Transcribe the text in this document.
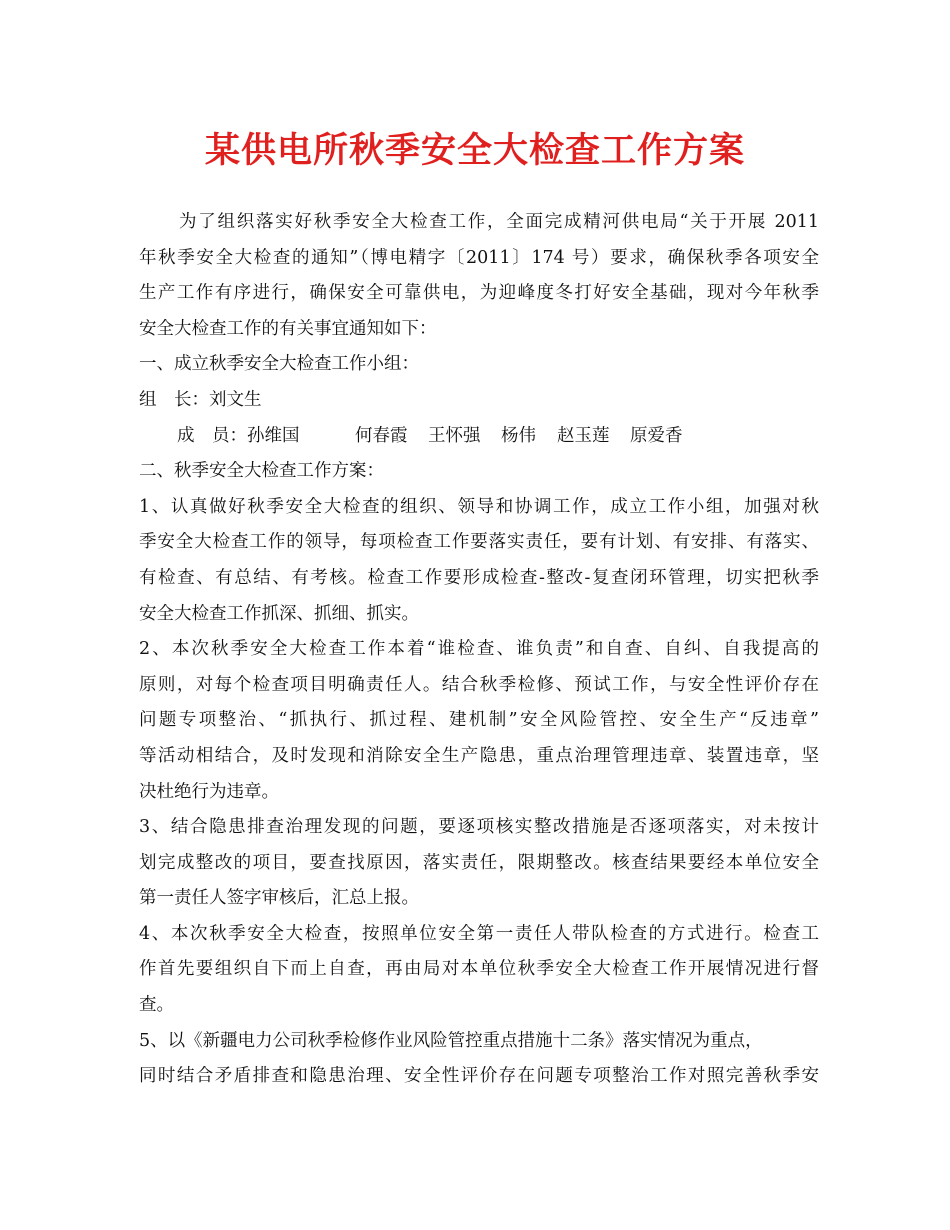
某供电所秋季安全大检查工作方案
为了组织落实好秋季安全大检查工作，全面完成精河供电局“关于开展 2011
年秋季安全大检查的通知”（博电精字〔2011〕174 号）要求，确保秋季各项安全
生产工作有序进行，确保安全可靠供电，为迎峰度冬打好安全基础，现对今年秋季
安全大检查工作的有关事宜通知如下：
一、成立秋季安全大检查工作小组：
组　长：刘文生
成　员：孙维国	何春霞	王怀强	杨伟	赵玉莲	原爱香
二、秋季安全大检查工作方案：
1、认真做好秋季安全大检查的组织、领导和协调工作，成立工作小组，加强对秋
季安全大检查工作的领导，每项检查工作要落实责任，要有计划、有安排、有落实、
有检查、有总结、有考核。检查工作要形成检查-整改-复查闭环管理，切实把秋季
安全大检查工作抓深、抓细、抓实。
2、本次秋季安全大检查工作本着“谁检查、谁负责”和自查、自纠、自我提高的
原则，对每个检查项目明确责任人。结合秋季检修、预试工作，与安全性评价存在
问题专项整治、“抓执行、抓过程、建机制”安全风险管控、安全生产“反违章”
等活动相结合，及时发现和消除安全生产隐患，重点治理管理违章、装置违章，坚
决杜绝行为违章。
3、结合隐患排查治理发现的问题，要逐项核实整改措施是否逐项落实，对未按计
划完成整改的项目，要查找原因，落实责任，限期整改。核查结果要经本单位安全
第一责任人签字审核后，汇总上报。
4、本次秋季安全大检查，按照单位安全第一责任人带队检查的方式进行。检查工
作首先要组织自下而上自查，再由局对本单位秋季安全大检查工作开展情况进行督
查。
5、以《新疆电力公司秋季检修作业风险管控重点措施十二条》落实情况为重点，
同时结合矛盾排查和隐患治理、安全性评价存在问题专项整治工作对照完善秋季安
